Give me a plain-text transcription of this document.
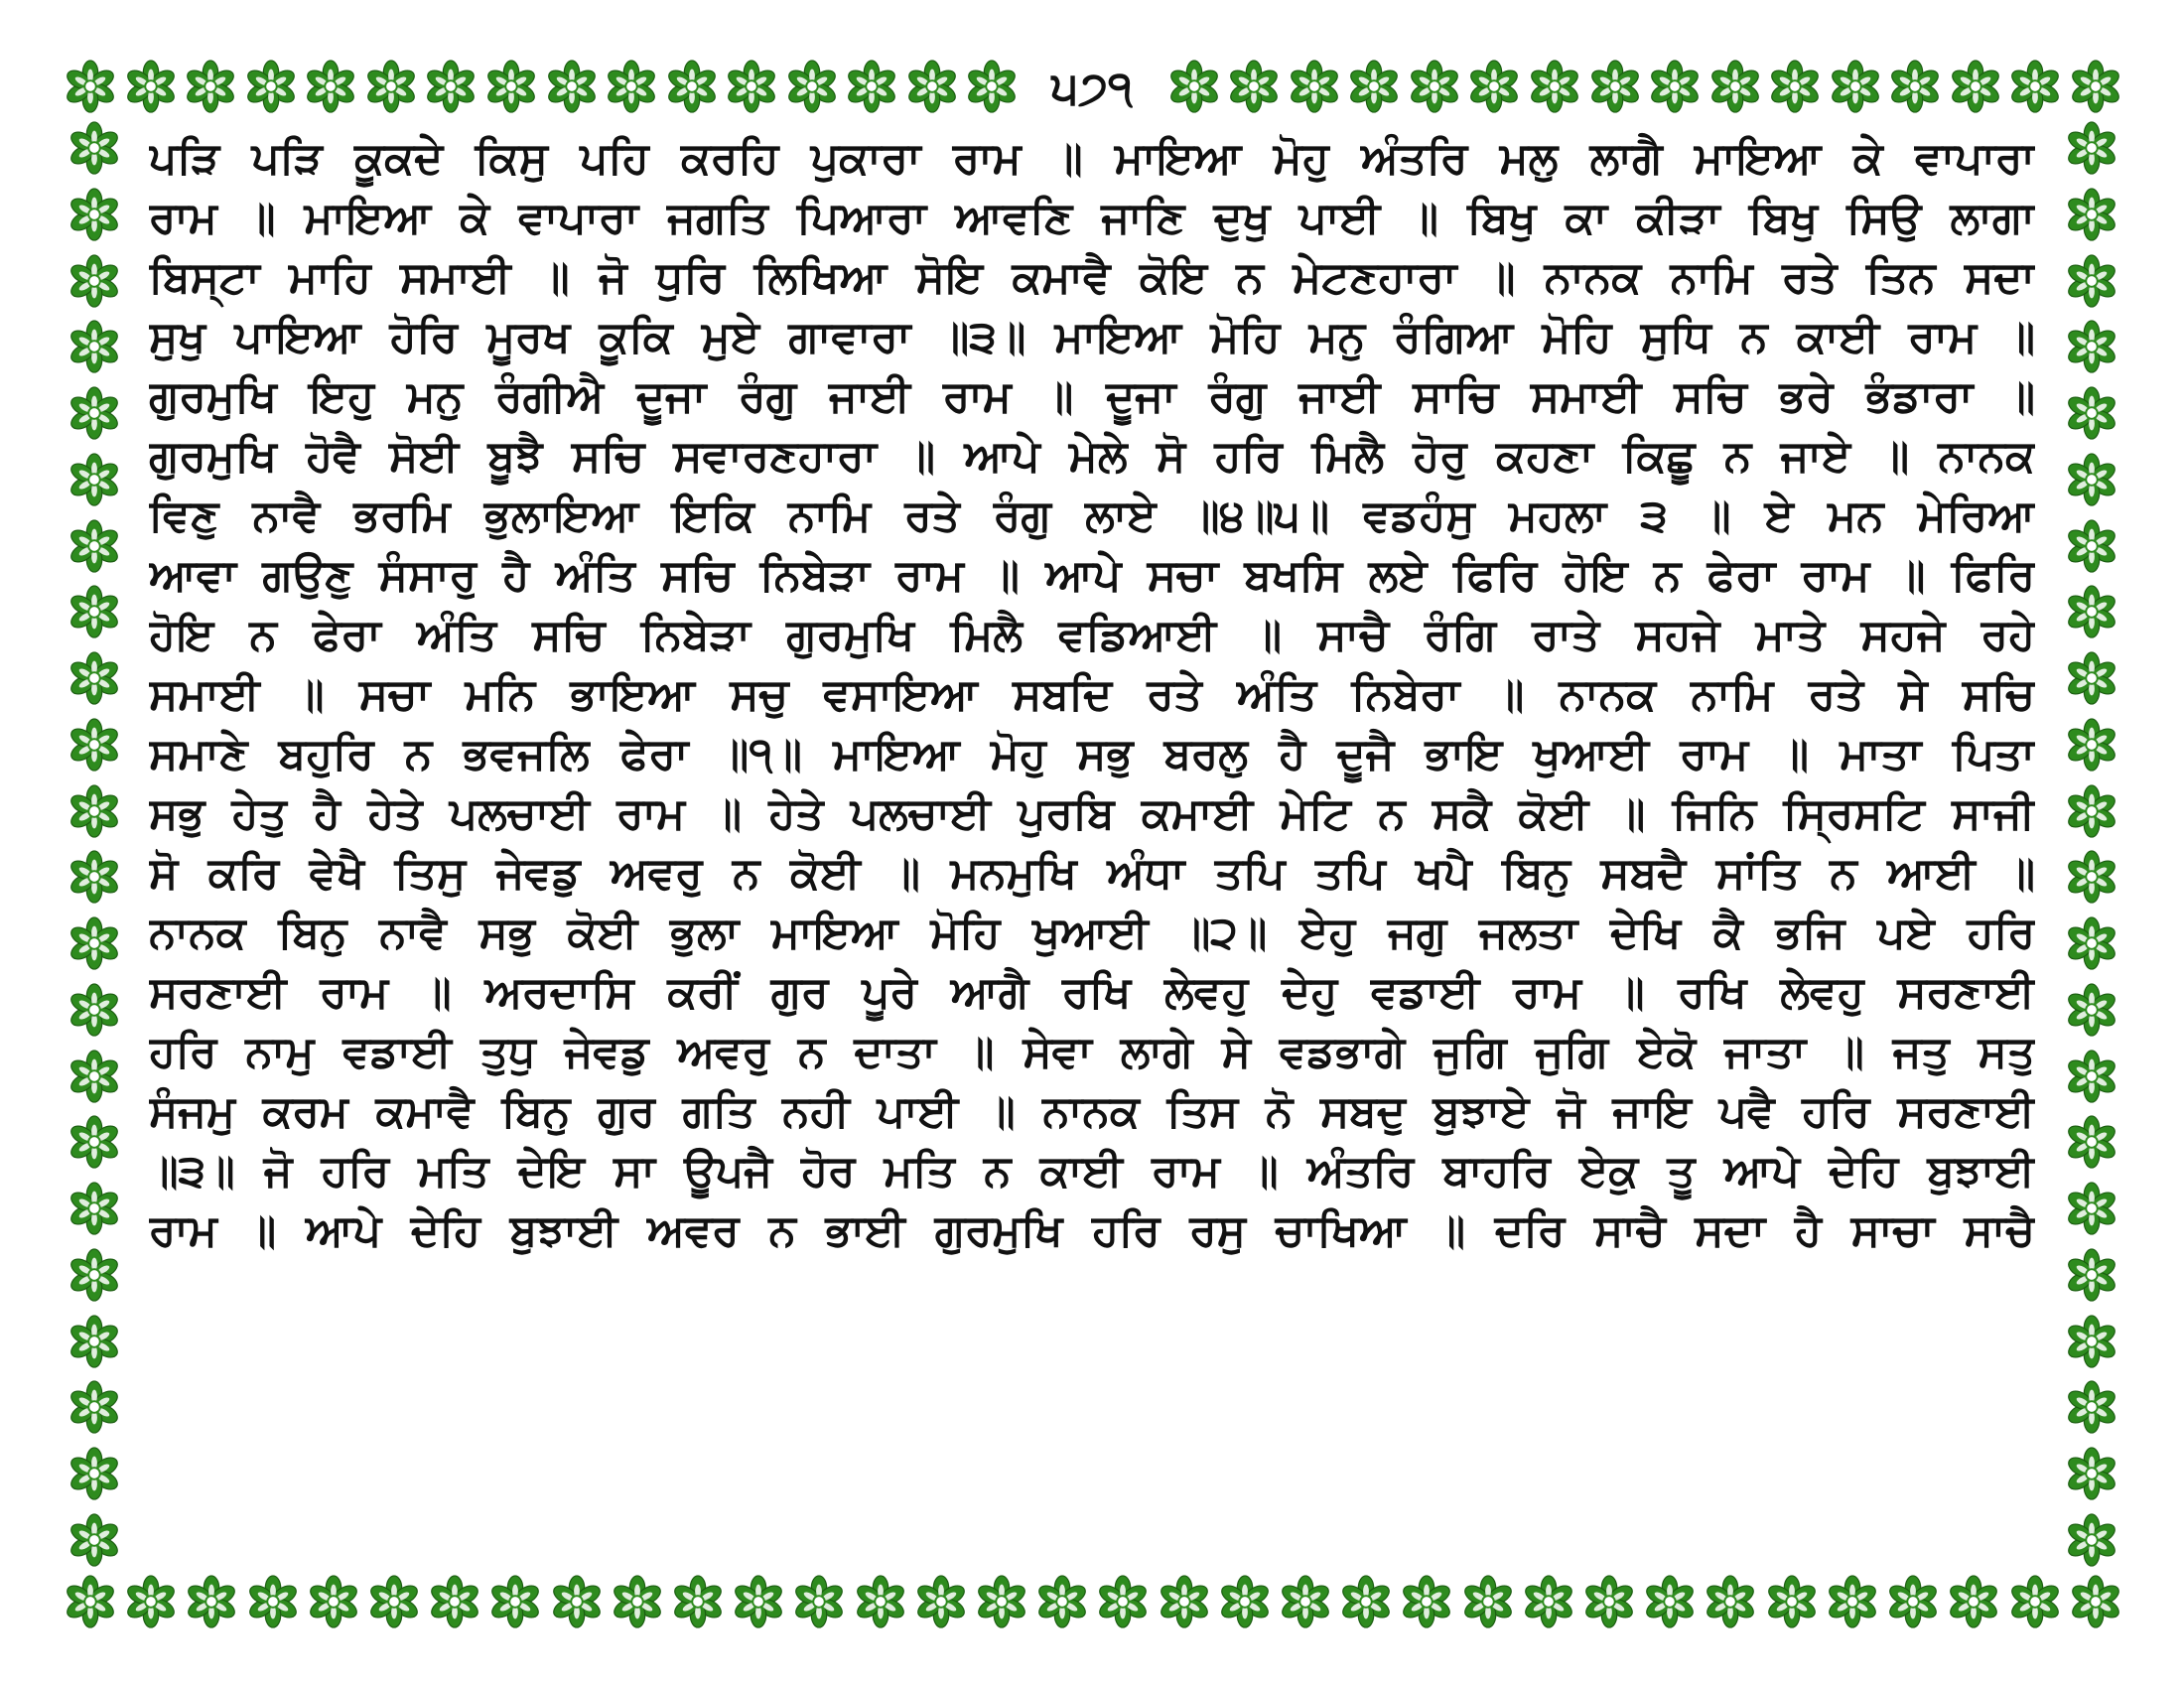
੫੭੧
ਪੜਿ ਪੜਿ ਕੂਕਦੇ ਕਿਸੁ ਪਹਿ ਕਰਹਿ ਪੁਕਾਰਾ ਰਾਮ ॥ ਮਾਇਆ ਮੋਹੁ ਅੰਤਰਿ ਮਲੁ ਲਾਗੈ ਮਾਇਆ ਕੇ ਵਾਪਾਰਾ
ਰਾਮ ॥ ਮਾਇਆ ਕੇ ਵਾਪਾਰਾ ਜਗਤਿ ਪਿਆਰਾ ਆਵਣਿ ਜਾਣਿ ਦੁਖੁ ਪਾਈ ॥ ਬਿਖੁ ਕਾ ਕੀੜਾ ਬਿਖੁ ਸਿਉ ਲਾਗਾ
ਬਿਸ੍ਟਾ ਮਾਹਿ ਸਮਾਈ ॥ ਜੋ ਧੁਰਿ ਲਿਖਿਆ ਸੋਇ ਕਮਾਵੈ ਕੋਇ ਨ ਮੇਟਣਹਾਰਾ ॥ ਨਾਨਕ ਨਾਮਿ ਰਤੇ ਤਿਨ ਸਦਾ
ਸੁਖੁ ਪਾਇਆ ਹੋਰਿ ਮੂਰਖ ਕੂਕਿ ਮੁਏ ਗਾਵਾਰਾ ॥੩॥ ਮਾਇਆ ਮੋਹਿ ਮਨੁ ਰੰਗਿਆ ਮੋਹਿ ਸੁਧਿ ਨ ਕਾਈ ਰਾਮ ॥
ਗੁਰਮੁਖਿ ਇਹੁ ਮਨੁ ਰੰਗੀਐ ਦੂਜਾ ਰੰਗੁ ਜਾਈ ਰਾਮ ॥ ਦੂਜਾ ਰੰਗੁ ਜਾਈ ਸਾਚਿ ਸਮਾਈ ਸਚਿ ਭਰੇ ਭੰਡਾਰਾ ॥
ਗੁਰਮੁਖਿ ਹੋਵੈ ਸੋਈ ਬੂਝੈ ਸਚਿ ਸਵਾਰਣਹਾਰਾ ॥ ਆਪੇ ਮੇਲੇ ਸੋ ਹਰਿ ਮਿਲੈ ਹੋਰੁ ਕਹਣਾ ਕਿਛੂ ਨ ਜਾਏ ॥ ਨਾਨਕ
ਵਿਣੁ ਨਾਵੈ ਭਰਮਿ ਭੁਲਾਇਆ ਇਕਿ ਨਾਮਿ ਰਤੇ ਰੰਗੁ ਲਾਏ ॥੪॥੫॥ ਵਡਹੰਸੁ ਮਹਲਾ ੩ ॥ ਏ ਮਨ ਮੇਰਿਆ
ਆਵਾ ਗਉਣੁ ਸੰਸਾਰੁ ਹੈ ਅੰਤਿ ਸਚਿ ਨਿਬੇੜਾ ਰਾਮ ॥ ਆਪੇ ਸਚਾ ਬਖਸਿ ਲਏ ਫਿਰਿ ਹੋਇ ਨ ਫੇਰਾ ਰਾਮ ॥ ਫਿਰਿ
ਹੋਇ ਨ ਫੇਰਾ ਅੰਤਿ ਸਚਿ ਨਿਬੇੜਾ ਗੁਰਮੁਖਿ ਮਿਲੈ ਵਡਿਆਈ ॥ ਸਾਚੈ ਰੰਗਿ ਰਾਤੇ ਸਹਜੇ ਮਾਤੇ ਸਹਜੇ ਰਹੇ
ਸਮਾਈ ॥ ਸਚਾ ਮਨਿ ਭਾਇਆ ਸਚੁ ਵਸਾਇਆ ਸਬਦਿ ਰਤੇ ਅੰਤਿ ਨਿਬੇਰਾ ॥ ਨਾਨਕ ਨਾਮਿ ਰਤੇ ਸੇ ਸਚਿ
ਸਮਾਣੇ ਬਹੁਰਿ ਨ ਭਵਜਲਿ ਫੇਰਾ ॥੧॥ ਮਾਇਆ ਮੋਹੁ ਸਭੁ ਬਰਲੁ ਹੈ ਦੂਜੈ ਭਾਇ ਖੁਆਈ ਰਾਮ ॥ ਮਾਤਾ ਪਿਤਾ
ਸਭੁ ਹੇਤੁ ਹੈ ਹੇਤੇ ਪਲਚਾਈ ਰਾਮ ॥ ਹੇਤੇ ਪਲਚਾਈ ਪੁਰਬਿ ਕਮਾਈ ਮੇਟਿ ਨ ਸਕੈ ਕੋਈ ॥ ਜਿਨਿ ਸ੍ਰਿਸਟਿ ਸਾਜੀ
ਸੋ ਕਰਿ ਵੇਖੈ ਤਿਸੁ ਜੇਵਡੁ ਅਵਰੁ ਨ ਕੋਈ ॥ ਮਨਮੁਖਿ ਅੰਧਾ ਤਪਿ ਤਪਿ ਖਪੈ ਬਿਨੁ ਸਬਦੈ ਸਾਂਤਿ ਨ ਆਈ ॥
ਨਾਨਕ ਬਿਨੁ ਨਾਵੈ ਸਭੁ ਕੋਈ ਭੁਲਾ ਮਾਇਆ ਮੋਹਿ ਖੁਆਈ ॥੨॥ ਏਹੁ ਜਗੁ ਜਲਤਾ ਦੇਖਿ ਕੈ ਭਜਿ ਪਏ ਹਰਿ
ਸਰਣਾਈ ਰਾਮ ॥ ਅਰਦਾਸਿ ਕਰੀਂ ਗੁਰ ਪੂਰੇ ਆਗੈ ਰਖਿ ਲੇਵਹੁ ਦੇਹੁ ਵਡਾਈ ਰਾਮ ॥ ਰਖਿ ਲੇਵਹੁ ਸਰਣਾਈ
ਹਰਿ ਨਾਮੁ ਵਡਾਈ ਤੁਧੁ ਜੇਵਡੁ ਅਵਰੁ ਨ ਦਾਤਾ ॥ ਸੇਵਾ ਲਾਗੇ ਸੇ ਵਡਭਾਗੇ ਜੁਗਿ ਜੁਗਿ ਏਕੋ ਜਾਤਾ ॥ ਜਤੁ ਸਤੁ
ਸੰਜਮੁ ਕਰਮ ਕਮਾਵੈ ਬਿਨੁ ਗੁਰ ਗਤਿ ਨਹੀ ਪਾਈ ॥ ਨਾਨਕ ਤਿਸ ਨੋ ਸਬਦੁ ਬੁਝਾਏ ਜੋ ਜਾਇ ਪਵੈ ਹਰਿ ਸਰਣਾਈ
॥੩॥ ਜੋ ਹਰਿ ਮਤਿ ਦੇਇ ਸਾ ਊਪਜੈ ਹੋਰ ਮਤਿ ਨ ਕਾਈ ਰਾਮ ॥ ਅੰਤਰਿ ਬਾਹਰਿ ਏਕੁ ਤੂ ਆਪੇ ਦੇਹਿ ਬੁਝਾਈ
ਰਾਮ ॥ ਆਪੇ ਦੇਹਿ ਬੁਝਾਈ ਅਵਰ ਨ ਭਾਈ ਗੁਰਮੁਖਿ ਹਰਿ ਰਸੁ ਚਾਖਿਆ ॥ ਦਰਿ ਸਾਚੈ ਸਦਾ ਹੈ ਸਾਚਾ ਸਾਚੈ
